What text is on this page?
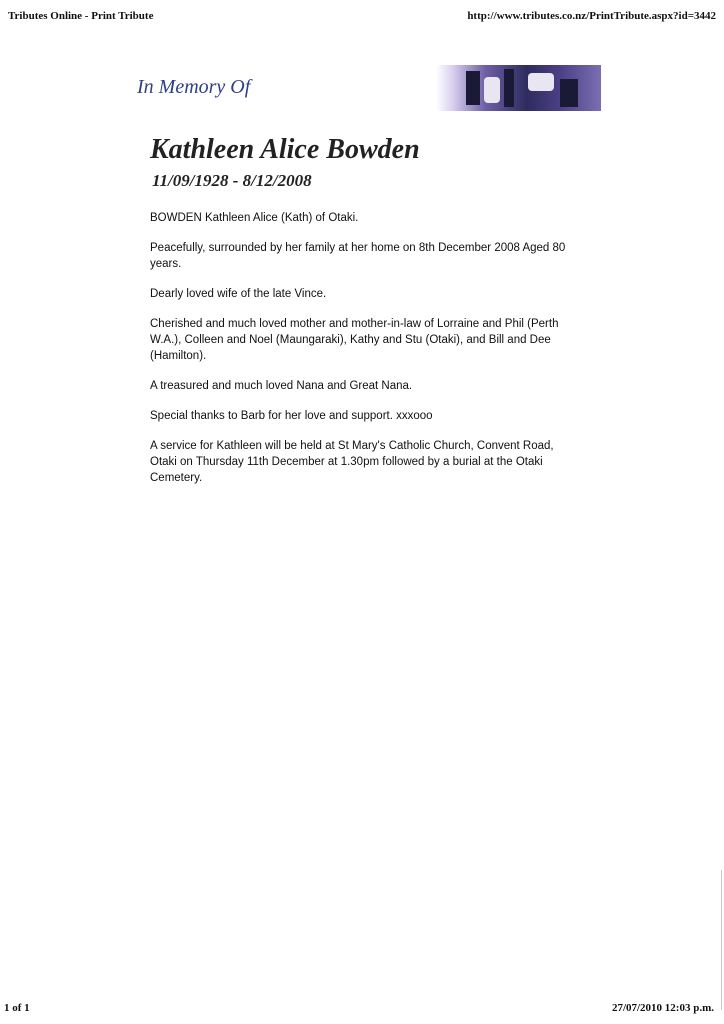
Tributes Online - Print Tribute	http://www.tributes.co.nz/PrintTribute.aspx?id=3442
In Memory Of
Kathleen Alice Bowden
11/09/1928 - 8/12/2008

BOWDEN Kathleen Alice (Kath) of Otaki.

Peacefully, surrounded by her family at her home on 8th December 2008 Aged 80 years.

Dearly loved wife of the late Vince.

Cherished and much loved mother and mother-in-law of Lorraine and Phil (Perth W.A.), Colleen and Noel (Maungaraki), Kathy and Stu (Otaki), and Bill and Dee (Hamilton).

A treasured and much loved Nana and Great Nana.

Special thanks to Barb for her love and support. xxxooo

A service for Kathleen will be held at St Mary's Catholic Church, Convent Road, Otaki on Thursday 11th December at 1.30pm followed by a burial at the Otaki Cemetery.

1 of 1	27/07/2010 12:03 p.m.
